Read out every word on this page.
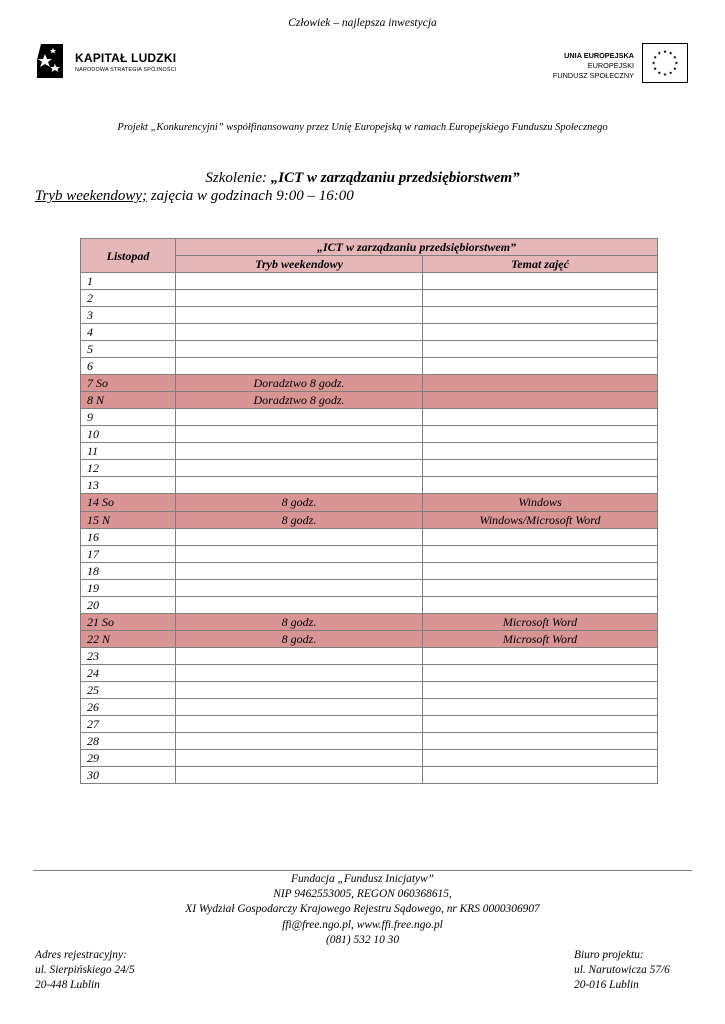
Człowiek – najlepsza inwestycja
KAPITAŁ LUDZKI
NARODOWA STRATEGIA SPÓJNOŚCI
UNIA EUROPEJSKA
EUROPEJSKI
FUNDUSZ SPOŁECZNY
Projekt „Konkurencyjni” współfinansowany przez Unię Europejską w ramach Europejskiego Funduszu Społecznego
Szkolenie: „ICT w zarządzaniu przedsiębiorstwem”
Tryb weekendowy; zajęcia w godzinach 9:00 – 16:00
Listopad	„ICT w zarządzaniu przedsiębiorstwem”	
	Tryb weekendowy	Temat zajęć
1		
2		
3		
4		
5		
6		
7 So	Doradztwo 8 godz.	
8 N	Doradztwo 8 godz.	
9		
10		
11		
12		
13		
14 So	8 godz.	Windows
15 N	8 godz.	Windows/Microsoft Word
16		
17		
18		
19		
20		
21 So	8 godz.	Microsoft Word
22 N	8 godz.	Microsoft Word
23		
24		
25		
26		
27		
28		
29		
30		
Fundacja „Fundusz Inicjatyw”
NIP 9462553005, REGON 060368615,
XI Wydział Gospodarczy Krajowego Rejestru Sądowego, nr KRS 0000306907
ffi@free.ngo.pl, www.ffi.free.ngo.pl
(081) 532 10 30
Adres rejestracyjny:
ul. Sierpińskiego 24/5
20-448 Lublin
Biuro projektu:
ul. Narutowicza 57/6
20-016 Lublin
